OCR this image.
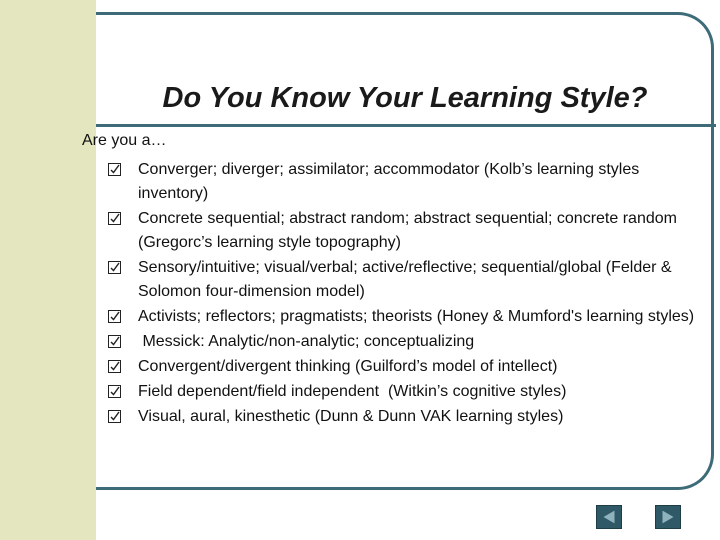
Do You Know Your Learning Style?
Are you a…
Converger; diverger; assimilator; accommodator (Kolb’s learning styles inventory)
Concrete sequential; abstract random; abstract sequential; concrete random (Gregorc’s learning style topography)
Sensory/intuitive; visual/verbal; active/reflective; sequential/global (Felder & Solomon four-dimension model)
Activists; reflectors; pragmatists; theorists (Honey & Mumford's learning styles)
Messick: Analytic/non-analytic; conceptualizing
Convergent/divergent thinking (Guilford’s model of intellect)
Field dependent/field independent  (Witkin’s cognitive styles)
Visual, aural, kinesthetic (Dunn & Dunn VAK learning styles)
